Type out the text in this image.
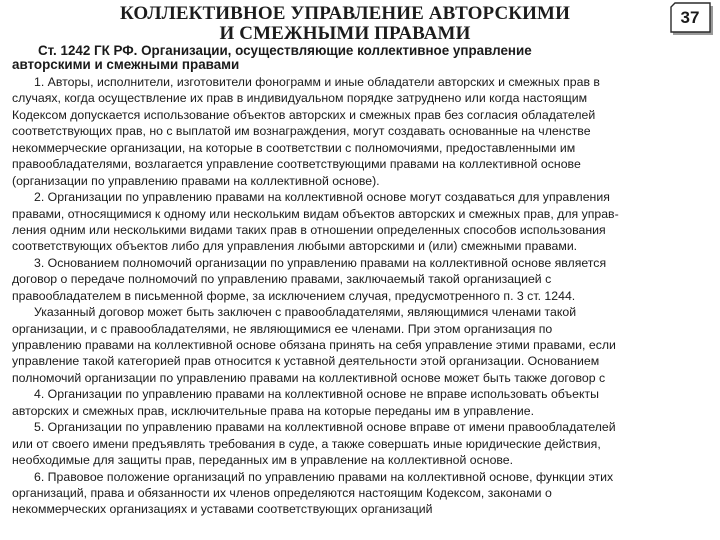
КОЛЛЕКТИВНОЕ УПРАВЛЕНИЕ АВТОРСКИМИ
И СМЕЖНЫМИ ПРАВАМИ
37
Ст. 1242 ГК РФ. Организации, осуществляющие коллективное управление
авторскими и смежными правами
1. Авторы, исполнители, изготовители фонограмм и иные обладатели авторских и смежных прав в
случаях, когда осуществление их прав в индивидуальном порядке затруднено или когда настоящим
Кодексом допускается использование объектов авторских и смежных прав без согласия обладателей
соответствующих прав, но с выплатой им вознаграждения, могут создавать основанные на членстве
некоммерческие организации, на которые в соответствии с полномочиями, предоставленными им
правообладателями, возлагается управление соответствующими правами на коллективной основе
(организации по управлению правами на коллективной основе).
2. Организации по управлению правами на коллективной основе могут создаваться для управления
правами, относящимися к одному или нескольким видам объектов авторских и смежных прав, для управ-
ления одним или несколькими видами таких прав в отношении определенных способов использования
соответствующих объектов либо для управления любыми авторскими и (или) смежными правами.
3. Основанием полномочий организации по управлению правами на коллективной основе является
договор о передаче полномочий по управлению правами, заключаемый такой организацией с
правообладателем в письменной форме, за исключением случая, предусмотренного п. 3 ст. 1244.
Указанный договор может быть заключен с правообладателями, являющимися членами такой
организации, и с правообладателями, не являющимися ее членами. При этом организация по
управлению правами на коллективной основе обязана принять на себя управление этими правами, если
управление такой категорией прав относится к уставной деятельности этой организации. Основанием
полномочий организации по управлению правами на коллективной основе может быть также договор с
4. Организации по управлению правами на коллективной основе не вправе использовать объекты
авторских и смежных прав, исключительные права на которые переданы им в управление.
5. Организации по управлению правами на коллективной основе вправе от имени правообладателей
или от своего имени предъявлять требования в суде, а также совершать иные юридические действия,
необходимые для защиты прав, переданных им в управление на коллективной основе.
6. Правовое положение организаций по управлению правами на коллективной основе, функции этих
организаций, права и обязанности их членов определяются настоящим Кодексом, законами о
некоммерческих организациях и уставами соответствующих организаций
